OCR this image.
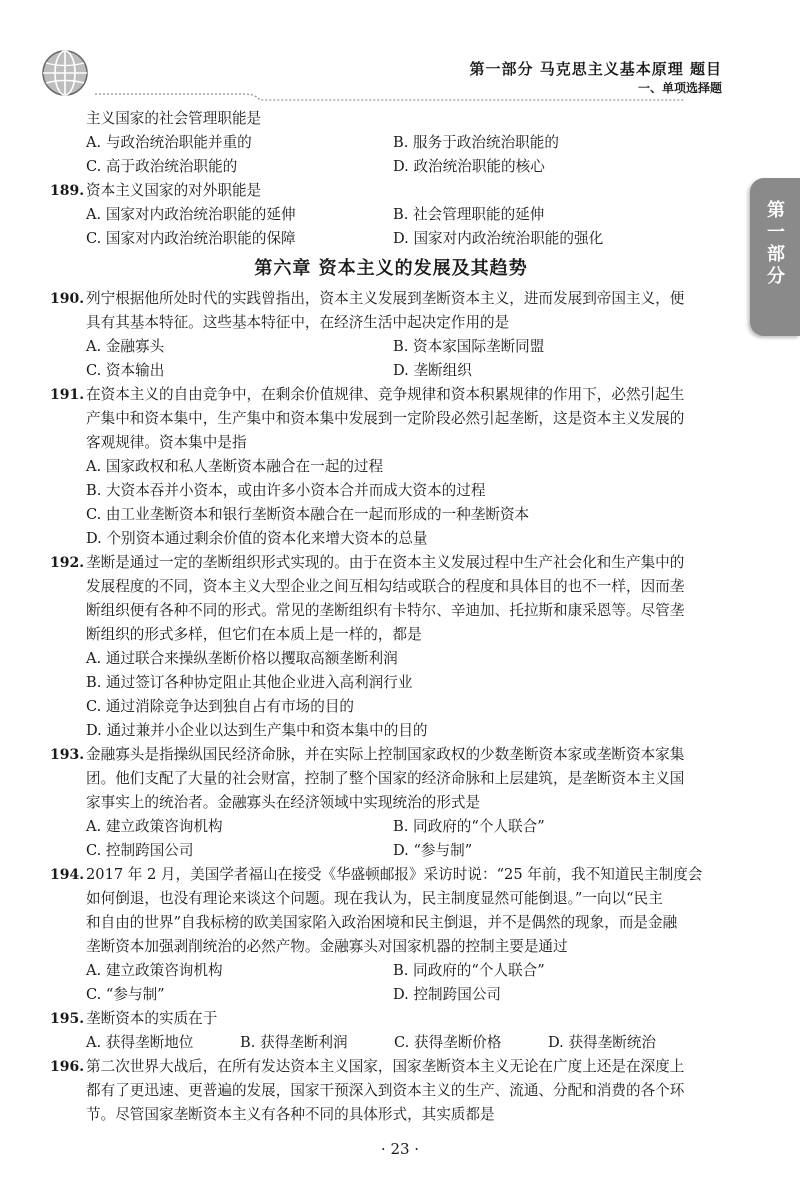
第一部分 马克思主义基本原理 题目
一、单项选择题
第一部分
主义国家的社会管理职能是
A. 与政治统治职能并重的	B. 服务于政治统治职能的
C. 高于政治统治职能的	D. 政治统治职能的核心
189. 资本主义国家的对外职能是
A. 国家对内政治统治职能的延伸	B. 社会管理职能的延伸
C. 国家对内政治统治职能的保障	D. 国家对内政治统治职能的强化
第六章 资本主义的发展及其趋势
190. 列宁根据他所处时代的实践曾指出，资本主义发展到垄断资本主义，进而发展到帝国主义，便
具有其基本特征。这些基本特征中，在经济生活中起决定作用的是
A. 金融寡头	B. 资本家国际垄断同盟
C. 资本输出	D. 垄断组织
191. 在资本主义的自由竞争中，在剩余价值规律、竞争规律和资本积累规律的作用下，必然引起生
产集中和资本集中，生产集中和资本集中发展到一定阶段必然引起垄断，这是资本主义发展的
客观规律。资本集中是指
A. 国家政权和私人垄断资本融合在一起的过程
B. 大资本吞并小资本，或由许多小资本合并而成大资本的过程
C. 由工业垄断资本和银行垄断资本融合在一起而形成的一种垄断资本
D. 个别资本通过剩余价值的资本化来增大资本的总量
192. 垄断是通过一定的垄断组织形式实现的。由于在资本主义发展过程中生产社会化和生产集中的
发展程度的不同，资本主义大型企业之间互相勾结或联合的程度和具体目的也不一样，因而垄
断组织便有各种不同的形式。常见的垄断组织有卡特尔、辛迪加、托拉斯和康采恩等。尽管垄
断组织的形式多样，但它们在本质上是一样的，都是
A. 通过联合来操纵垄断价格以攫取高额垄断利润
B. 通过签订各种协定阻止其他企业进入高利润行业
C. 通过消除竞争达到独自占有市场的目的
D. 通过兼并小企业以达到生产集中和资本集中的目的
193. 金融寡头是指操纵国民经济命脉，并在实际上控制国家政权的少数垄断资本家或垄断资本家集
团。他们支配了大量的社会财富，控制了整个国家的经济命脉和上层建筑，是垄断资本主义国
家事实上的统治者。金融寡头在经济领域中实现统治的形式是
A. 建立政策咨询机构	B. 同政府的“个人联合”
C. 控制跨国公司	D. “参与制”
194. 2017 年 2 月，美国学者福山在接受《华盛顿邮报》采访时说：“25 年前，我不知道民主制度会
如何倒退，也没有理论来谈这个问题。现在我认为，民主制度显然可能倒退。”一向以“民主
和自由的世界”自我标榜的欧美国家陷入政治困境和民主倒退，并不是偶然的现象，而是金融
垄断资本加强剥削统治的必然产物。金融寡头对国家机器的控制主要是通过
A. 建立政策咨询机构	B. 同政府的“个人联合”
C. “参与制”	D. 控制跨国公司
195. 垄断资本的实质在于
A. 获得垄断地位	B. 获得垄断利润	C. 获得垄断价格	D. 获得垄断统治
196. 第二次世界大战后，在所有发达资本主义国家，国家垄断资本主义无论在广度上还是在深度上
都有了更迅速、更普遍的发展，国家干预深入到资本主义的生产、流通、分配和消费的各个环
节。尽管国家垄断资本主义有各种不同的具体形式，其实质都是
· 23 ·
